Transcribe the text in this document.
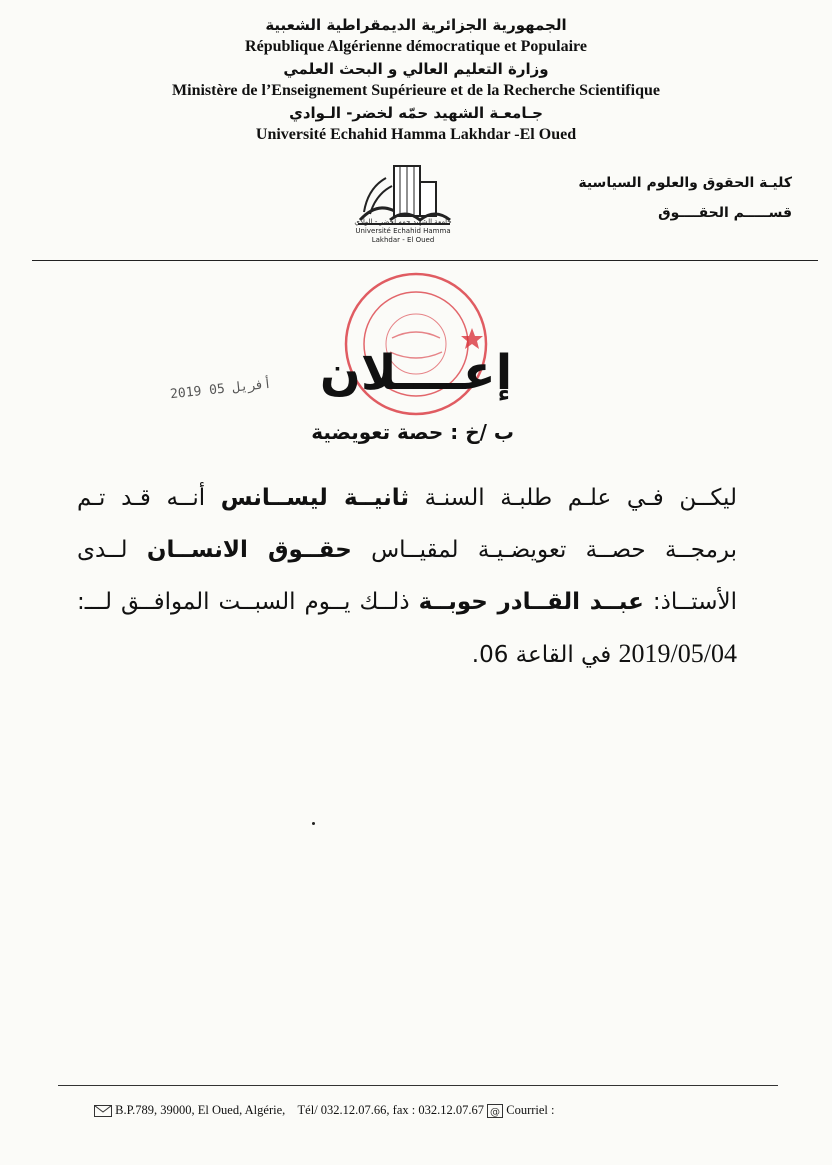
الجمهورية الجزائرية الديمقراطية الشعبية

République Algérienne démocratique et Populaire

وزارة التعليم العالي و البحث العلمي

Ministère de l’Enseignement Supérieure et de la Recherche Scientifique

جـامعـة الشهيد حمّه لخضر- الـوادي

Université Echahid Hamma Lakhdar -El Oued

كليـة الحقوق والعلوم السياسية
قســـــم الحقــــوق
جامعة الشهيد حمه لخضر - الوادي
Université Echahid Hamma Lakhdar - El Oued
2019 أفريل 05 إعــــلان
ب /خ : حصة تعويضية
ليكــن فـي علـم طلبـة السنـة ثانيــة ليســانس أنــه قـد تـم برمجــة حصــة تعويضـيـة لمقيــاس حقــوق الانســان لــدى الأستــاذ: عبــد القــادر حوبــة ذلــك يــوم السبــت الموافــق لـــ: 2019/05/04 في القاعة 06.
B.P.789, 39000, El Oued, Algérie, Tél/ 032.12.07.66, fax : 032.12.07.67 @ Courriel :
